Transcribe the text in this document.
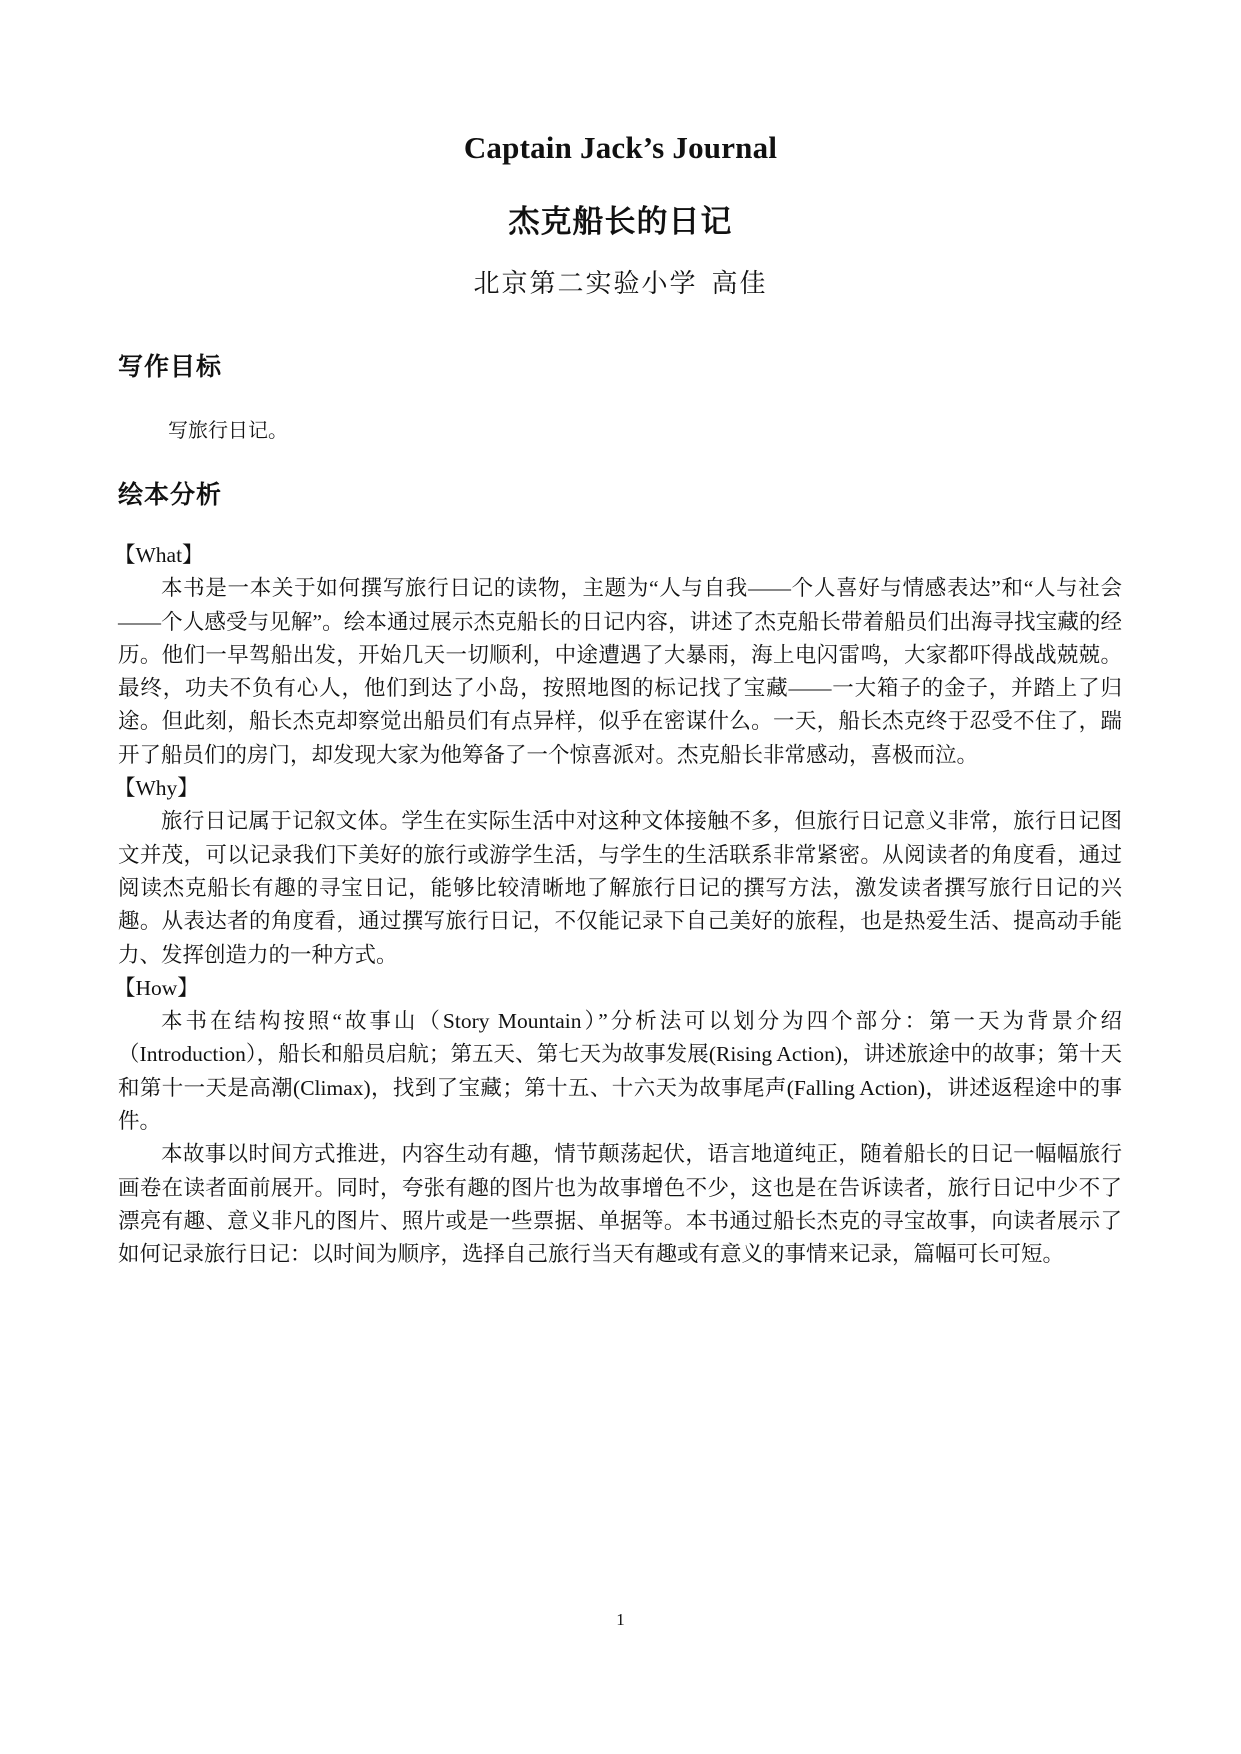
Captain Jack’s Journal
杰克船长的日记
北京第二实验小学 高佳
写作目标
写旅行日记。
绘本分析
【What】

本书是一本关于如何撰写旅行日记的读物，主题为“人与自我——个人喜好与情感表达”和“人与社会——个人感受与见解”。绘本通过展示杰克船长的日记内容，讲述了杰克船长带着船员们出海寻找宝藏的经历。他们一早驾船出发，开始几天一切顺利，中途遭遇了大暴雨，海上电闪雷鸣，大家都吓得战战兢兢。最终，功夫不负有心人，他们到达了小岛，按照地图的标记找了宝藏——一大箱子的金子，并踏上了归途。但此刻，船长杰克却察觉出船员们有点异样，似乎在密谋什么。一天，船长杰克终于忍受不住了，踹开了船员们的房门，却发现大家为他筹备了一个惊喜派对。杰克船长非常感动，喜极而泣。

【Why】

旅行日记属于记叙文体。学生在实际生活中对这种文体接触不多，但旅行日记意义非常，旅行日记图文并茂，可以记录我们下美好的旅行或游学生活，与学生的生活联系非常紧密。从阅读者的角度看，通过阅读杰克船长有趣的寻宝日记，能够比较清晰地了解旅行日记的撰写方法，激发读者撰写旅行日记的兴趣。从表达者的角度看，通过撰写旅行日记，不仅能记录下自己美好的旅程，也是热爱生活、提高动手能力、发挥创造力的一种方式。

【How】

本书在结构按照“故事山（Story Mountain）”分析法可以划分为四个部分：第一天为背景介绍（Introduction），船长和船员启航；第五天、第七天为故事发展(Rising Action)，讲述旅途中的故事；第十天和第十一天是高潮(Climax)，找到了宝藏；第十五、十六天为故事尾声(Falling Action)，讲述返程途中的事件。

本故事以时间方式推进，内容生动有趣，情节颠荡起伏，语言地道纯正，随着船长的日记一幅幅旅行画卷在读者面前展开。同时，夸张有趣的图片也为故事增色不少，这也是在告诉读者，旅行日记中少不了漂亮有趣、意义非凡的图片、照片或是一些票据、单据等。本书通过船长杰克的寻宝故事，向读者展示了如何记录旅行日记：以时间为顺序，选择自己旅行当天有趣或有意义的事情来记录，篇幅可长可短。

1
